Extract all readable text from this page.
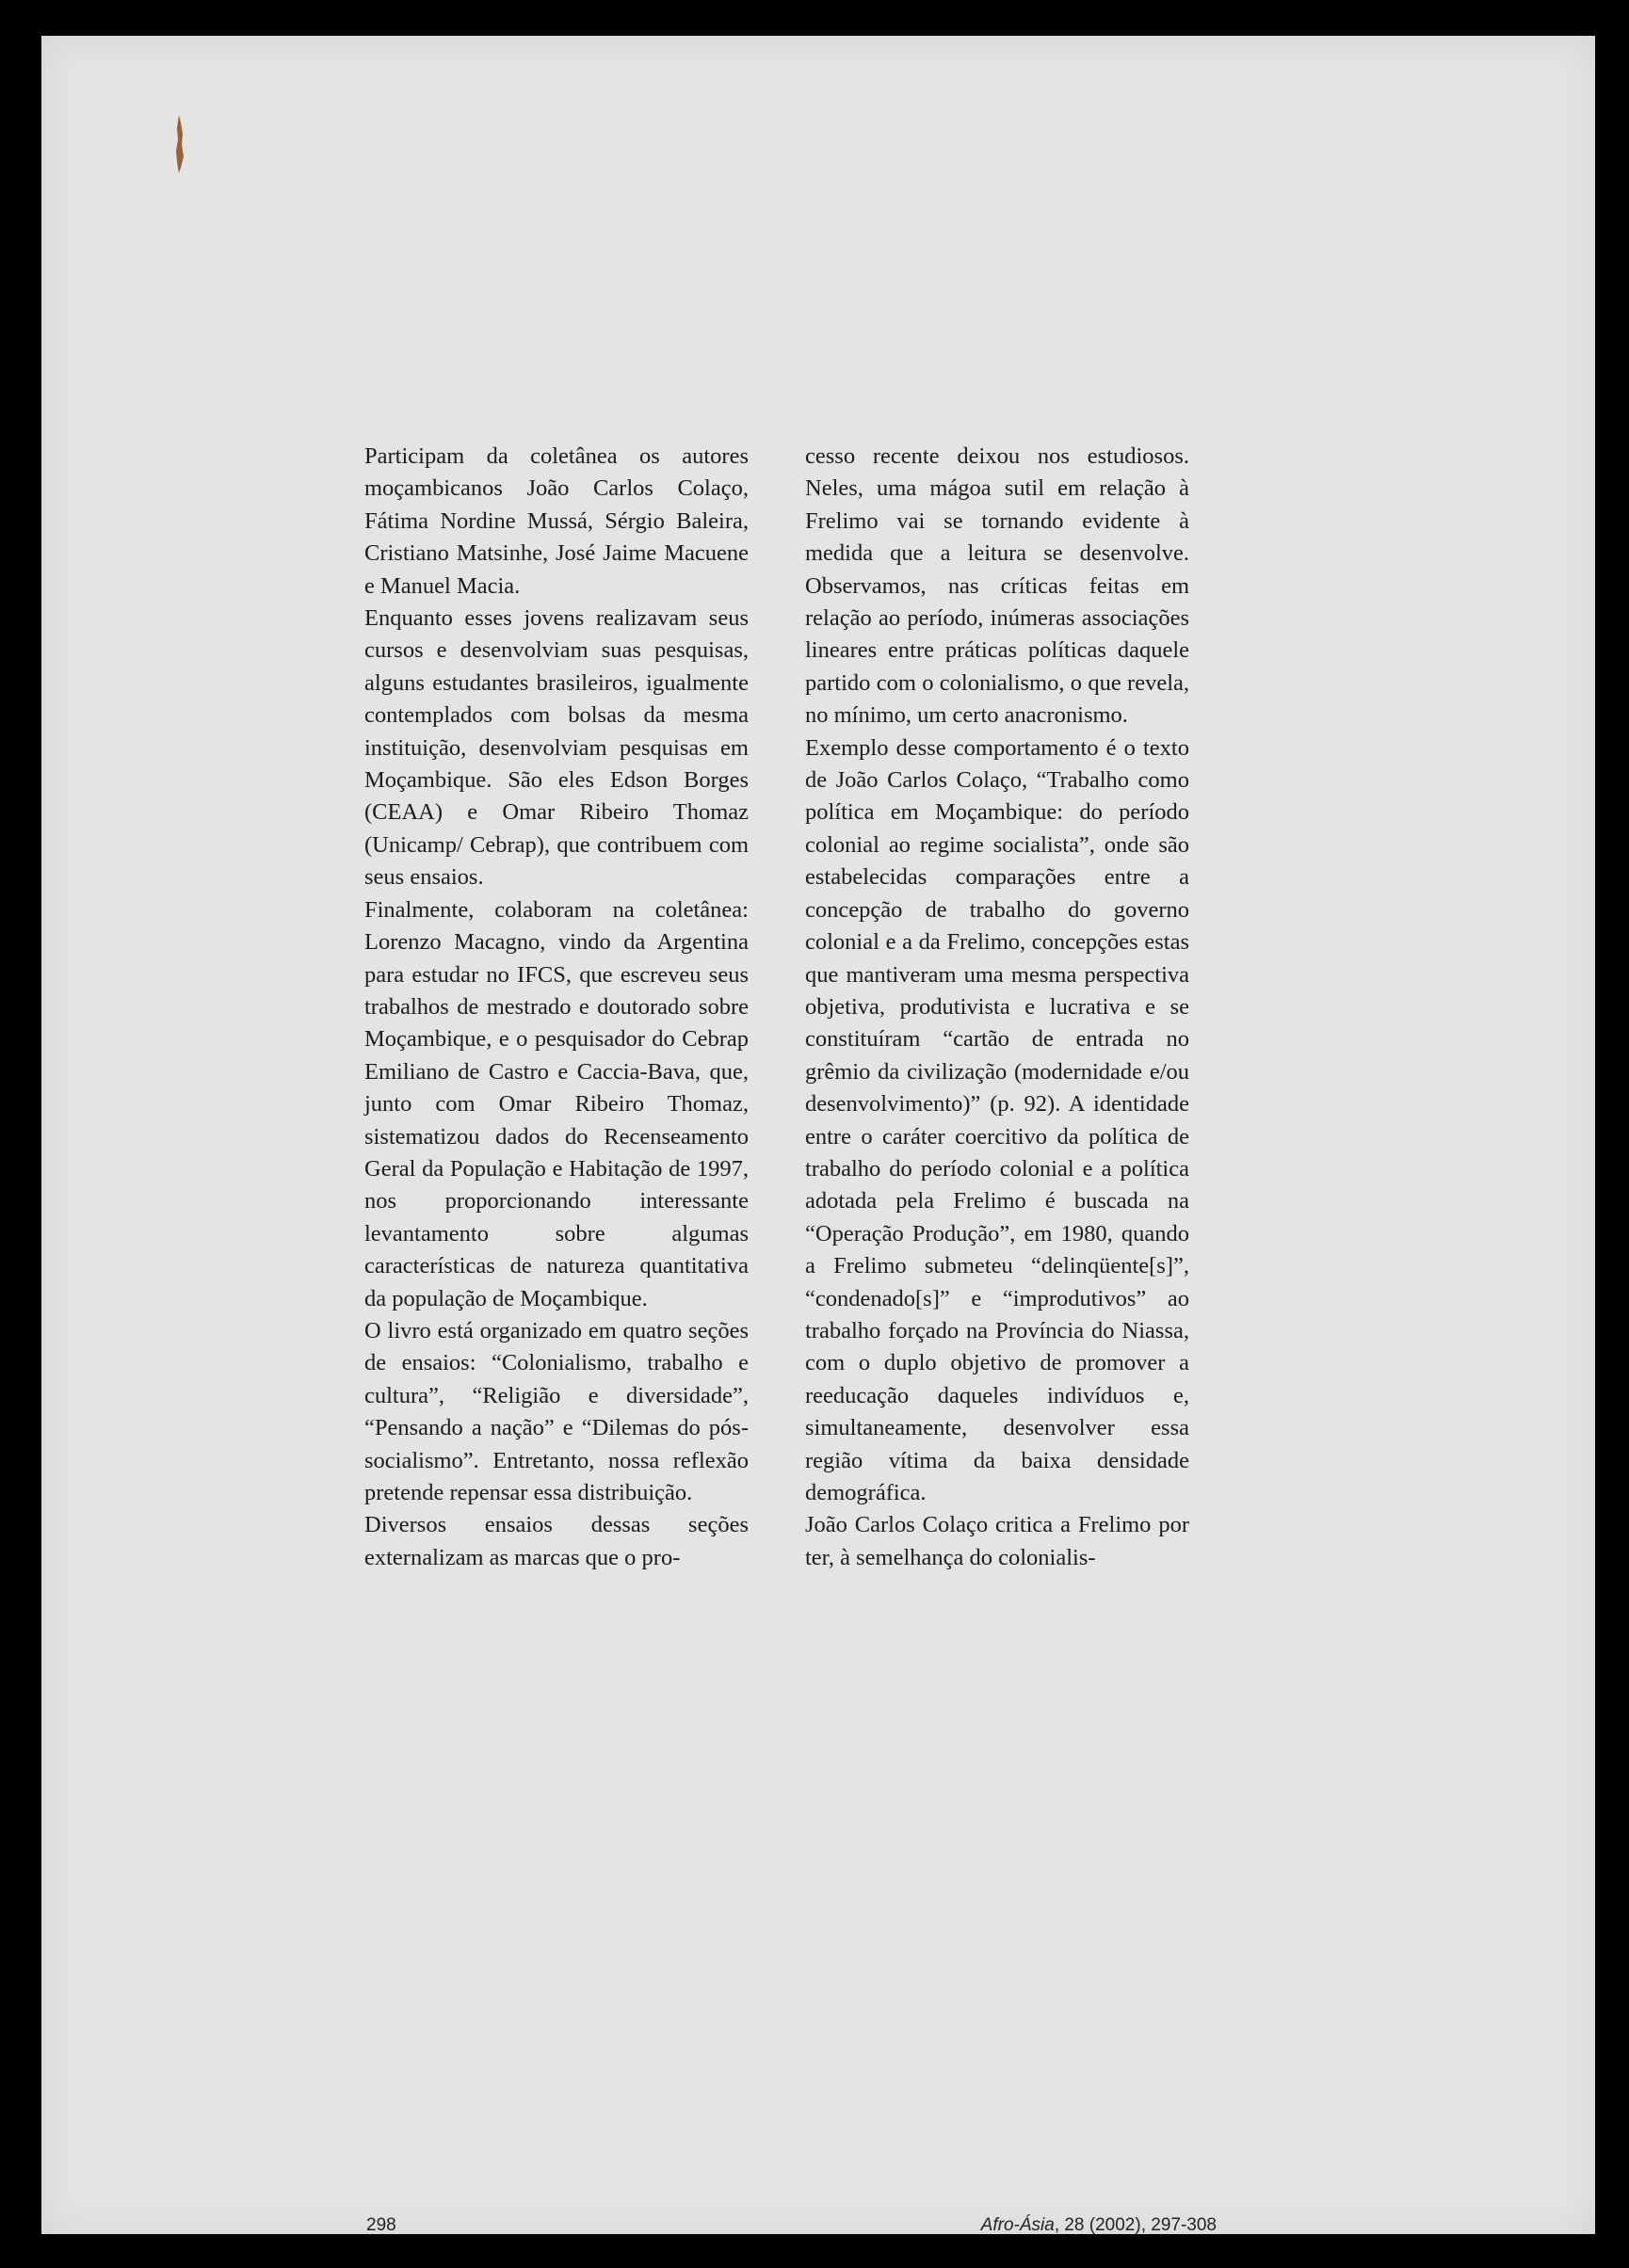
Participam da coletânea os autores moçambicanos João Carlos Colaço, Fátima Nordine Mussá, Sérgio Baleira, Cristiano Matsinhe, José Jaime Macuene e Manuel Macia.

Enquanto esses jovens realizavam seus cursos e desenvolviam suas pesquisas, alguns estudantes brasileiros, igualmente contemplados com bolsas da mesma instituição, desenvolviam pesquisas em Moçambique. São eles Edson Borges (CEAA) e Omar Ribeiro Thomaz (Unicamp/ Cebrap), que contribuem com seus ensaios.

Finalmente, colaboram na coletânea: Lorenzo Macagno, vindo da Argentina para estudar no IFCS, que escreveu seus trabalhos de mestrado e doutorado sobre Moçambique, e o pesquisador do Cebrap Emiliano de Castro e Caccia-Bava, que, junto com Omar Ribeiro Thomaz, sistematizou dados do Recenseamento Geral da População e Habitação de 1997, nos proporcionando interessante levantamento sobre algumas características de natureza quantitativa da população de Moçambique.

O livro está organizado em quatro seções de ensaios: “Colonialismo, trabalho e cultura”, “Religião e diversidade”, “Pensando a nação” e “Dilemas do pós-socialismo”. Entretanto, nossa reflexão pretende repensar essa distribuição.

Diversos ensaios dessas seções externalizam as marcas que o pro-

cesso recente deixou nos estudiosos. Neles, uma mágoa sutil em relação à Frelimo vai se tornando evidente à medida que a leitura se desenvolve. Observamos, nas críticas feitas em relação ao período, inúmeras associações lineares entre práticas políticas daquele partido com o colonialismo, o que revela, no mínimo, um certo anacronismo.

Exemplo desse comportamento é o texto de João Carlos Colaço, “Trabalho como política em Moçambique: do período colonial ao regime socialista”, onde são estabelecidas comparações entre a concepção de trabalho do governo colonial e a da Frelimo, concepções estas que mantiveram uma mesma perspectiva objetiva, produtivista e lucrativa e se constituíram “cartão de entrada no grêmio da civilização (modernidade e/ou desenvolvimento)” (p. 92). A identidade entre o caráter coercitivo da política de trabalho do período colonial e a política adotada pela Frelimo é buscada na “Operação Produção”, em 1980, quando a Frelimo submeteu “delinqüente[s]”, “condenado[s]” e “improdutivos” ao trabalho forçado na Província do Niassa, com o duplo objetivo de promover a reeducação daqueles indivíduos e, simultaneamente, desenvolver essa região vítima da baixa densidade demográfica.

João Carlos Colaço critica a Frelimo por ter, à semelhança do colonialis-

298	Afro-Ásia, 28 (2002), 297-308
